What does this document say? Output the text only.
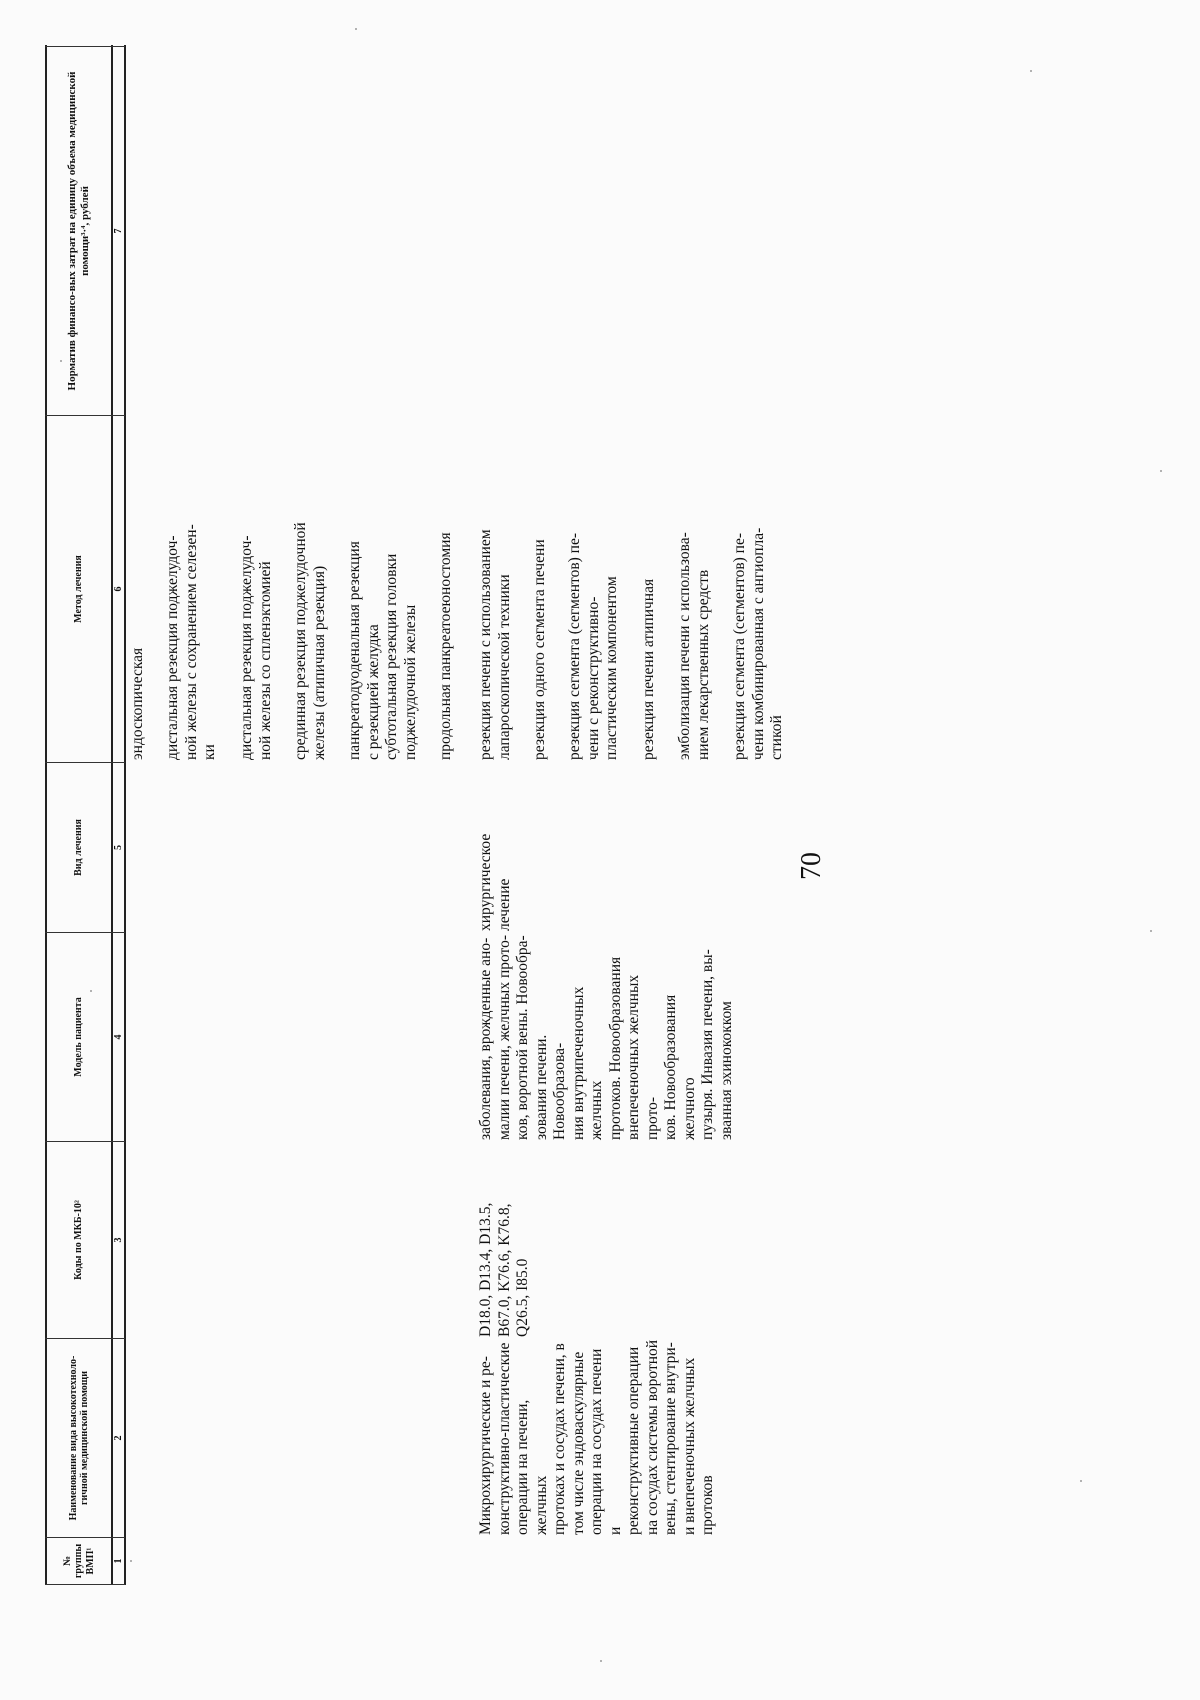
70
№ группы ВМП¹
Наименование вида высокотехноло-гичной медицинской помощи
Коды по МКБ-10²
Модель пациента
Вид лечения
Метод лечения
Норматив финансо-вых затрат на единицу объема медицинской помощи³·⁴, рублей
1
2
3
4
5
6
7
эндоскопическая дистальная резекция поджелудоч-
ной железы с сохранением селезен-
ки дистальная резекция поджелудоч-
ной железы со спленэктомией
срединная резекция поджелудочной
железы (атипичная резекция)
панкреатодуоденальная резекция
с резекцией желудка
субтотальная резекция головки
поджелудочной железы продольная панкреатоеюностомия
Микрохирургические и ре-
конструктивно-пластические
операции на печени, желчных
протоках и сосудах печени, в
том числе эндоваскулярные
операции на сосудах печени и
реконструктивные операции
на сосудах системы воротной
вены, стентирование внутри-
и внепеченочных желчных
протоков
D18.0, D13.4, D13.5,
B67.0, K76.6, K76.8,
Q26.5, I85.0
заболевания, врожденные ано-
малии печени, желчных прото-
ков, воротной вены. Новообра-
зования печени. Новообразова-
ния внутрипеченочных желчных
протоков. Новообразования
внепеченочных желчных прото-
ков. Новообразования желчного
пузыря. Инвазия печени, вы-
званная эхинококком
хирургическое
лечение
резекция печени с использованием
лапароскопической техники резекция одного сегмента печени резекция сегмента (сегментов) пе-
чени с реконструктивно-
пластическим компонентом резекция печени атипичная эмболизация печени с использова-
нием лекарственных средств
резекция сегмента (сегментов) пе-
чени комбинированная с ангиопла-
стикой
